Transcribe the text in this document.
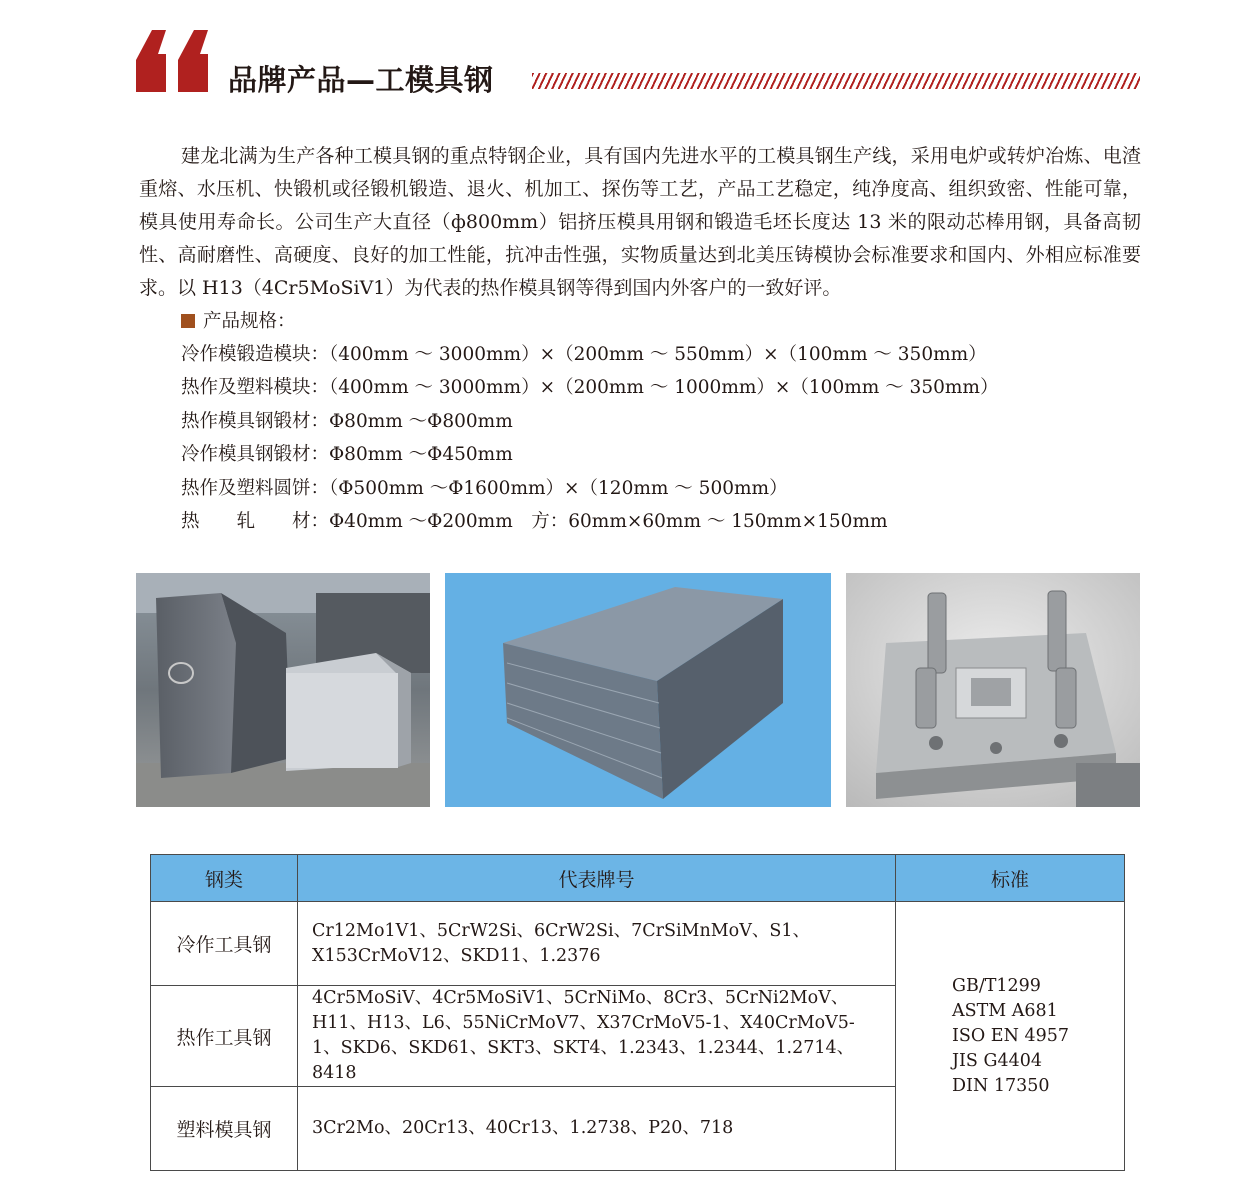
品牌产品—工模具钢

建龙北满为生产各种工模具钢的重点特钢企业，具有国内先进水平的工模具钢生产线，采用电炉或转炉冶炼、电渣重熔、水压机、快锻机或径锻机锻造、退火、机加工、探伤等工艺，产品工艺稳定，纯净度高、组织致密、性能可靠，模具使用寿命长。公司生产大直径（ф800mm）铝挤压模具用钢和锻造毛坯长度达 13 米的限动芯棒用钢，具备高韧性、高耐磨性、高硬度、良好的加工性能，抗冲击性强，实物质量达到北美压铸模协会标准要求和国内、外相应标准要求。以 H13（4Cr5MoSiV1）为代表的热作模具钢等得到国内外客户的一致好评。

产品规格：
冷作模锻造模块：（400mm ～ 3000mm）×（200mm ～ 550mm）×（100mm ～ 350mm）
热作及塑料模块：（400mm ～ 3000mm）×（200mm ～ 1000mm）×（100mm ～ 350mm）
热作模具钢锻材：Φ80mm ～Φ800mm
冷作模具钢锻材：Φ80mm ～Φ450mm
热作及塑料圆饼：（Φ500mm ～Φ1600mm）×（120mm ～ 500mm）
热　　轧　　材：Φ40mm ～Φ200mm　方：60mm×60mm ～ 150mm×150mm
钢类	代表牌号	标准
冷作工具钢	Cr12Mo1V1、5CrW2Si、6CrW2Si、7CrSiMnMoV、S1、X153CrMoV12、SKD11、1.2376	GB/T1299
ASTM A681
ISO EN 4957
JIS G4404
DIN 17350

热作工具钢	4Cr5MoSiV、4Cr5MoSiV1、5CrNiMo、8Cr3、5CrNi2MoV、H11、H13、L6、55NiCrMoV7、X37CrMoV5-1、X40CrMoV5-1、SKD6、SKD61、SKT3、SKT4、1.2343、1.2344、1.2714、8418	
塑料模具钢	3Cr2Mo、20Cr13、40Cr13、1.2738、P20、718	
